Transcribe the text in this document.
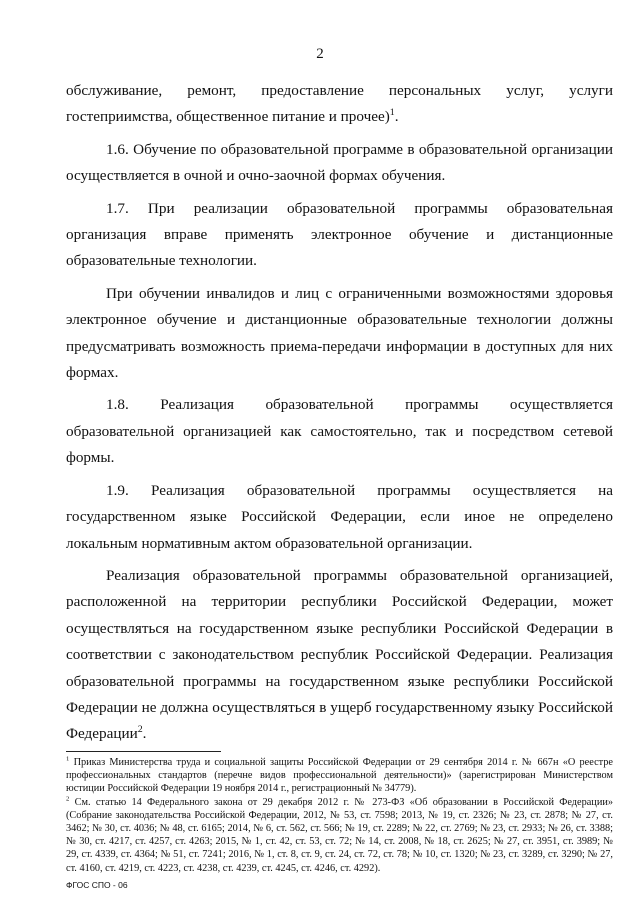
2

обслуживание, ремонт, предоставление персональных услуг, услуги гостеприимства, общественное питание и прочее)$^1$.

1.6. Обучение по образовательной программе в образовательной организации осуществляется в очной и очно-заочной формах обучения.

1.7. При реализации образовательной программы образовательная организация вправе применять электронное обучение и дистанционные образовательные технологии.

При обучении инвалидов и лиц с ограниченными возможностями здоровья электронное обучение и дистанционные образовательные технологии должны предусматривать возможность приема-передачи информации в доступных для них формах.

1.8. Реализация образовательной программы осуществляется образовательной организацией как самостоятельно, так и посредством сетевой формы.

1.9. Реализация образовательной программы осуществляется на государственном языке Российской Федерации, если иное не определено локальным нормативным актом образовательной организации.

Реализация образовательной программы образовательной организацией, расположенной на территории республики Российской Федерации, может осуществляться на государственном языке республики Российской Федерации в соответствии с законодательством республик Российской Федерации. Реализация образовательной программы на государственном языке республики Российской Федерации не должна осуществляться в ущерб государственному языку Российской Федерации$^2$.

$^1$ Приказ Министерства труда и социальной защиты Российской Федерации от 29 сентября 2014 г. № 667н «О реестре профессиональных стандартов (перечне видов профессиональной деятельности)» (зарегистрирован Министерством юстиции Российской Федерации 19 ноября 2014 г., регистрационный № 34779).

$^2$ См. статью 14 Федерального закона от 29 декабря 2012 г. № 273-ФЗ «Об образовании в Российской Федерации» (Собрание законодательства Российской Федерации, 2012, № 53, ст. 7598; 2013, № 19, ст. 2326; № 23, ст. 2878; № 27, ст. 3462; № 30, ст. 4036; № 48, ст. 6165; 2014, № 6, ст. 562, ст. 566; № 19, ст. 2289; № 22, ст. 2769; № 23, ст. 2933; № 26, ст. 3388; № 30, ст. 4217, ст. 4257, ст. 4263; 2015, № 1, ст. 42, ст. 53, ст. 72; № 14, ст. 2008, № 18, ст. 2625; № 27, ст. 3951, ст. 3989; № 29, ст. 4339, ст. 4364; № 51, ст. 7241; 2016, № 1, ст. 8, ст. 9, ст. 24, ст. 72, ст. 78; № 10, ст. 1320; № 23, ст. 3289, ст. 3290; № 27, ст. 4160, ст. 4219, ст. 4223, ст. 4238, ст. 4239, ст. 4245, ст. 4246, ст. 4292).

ФГОС СПО - 06
